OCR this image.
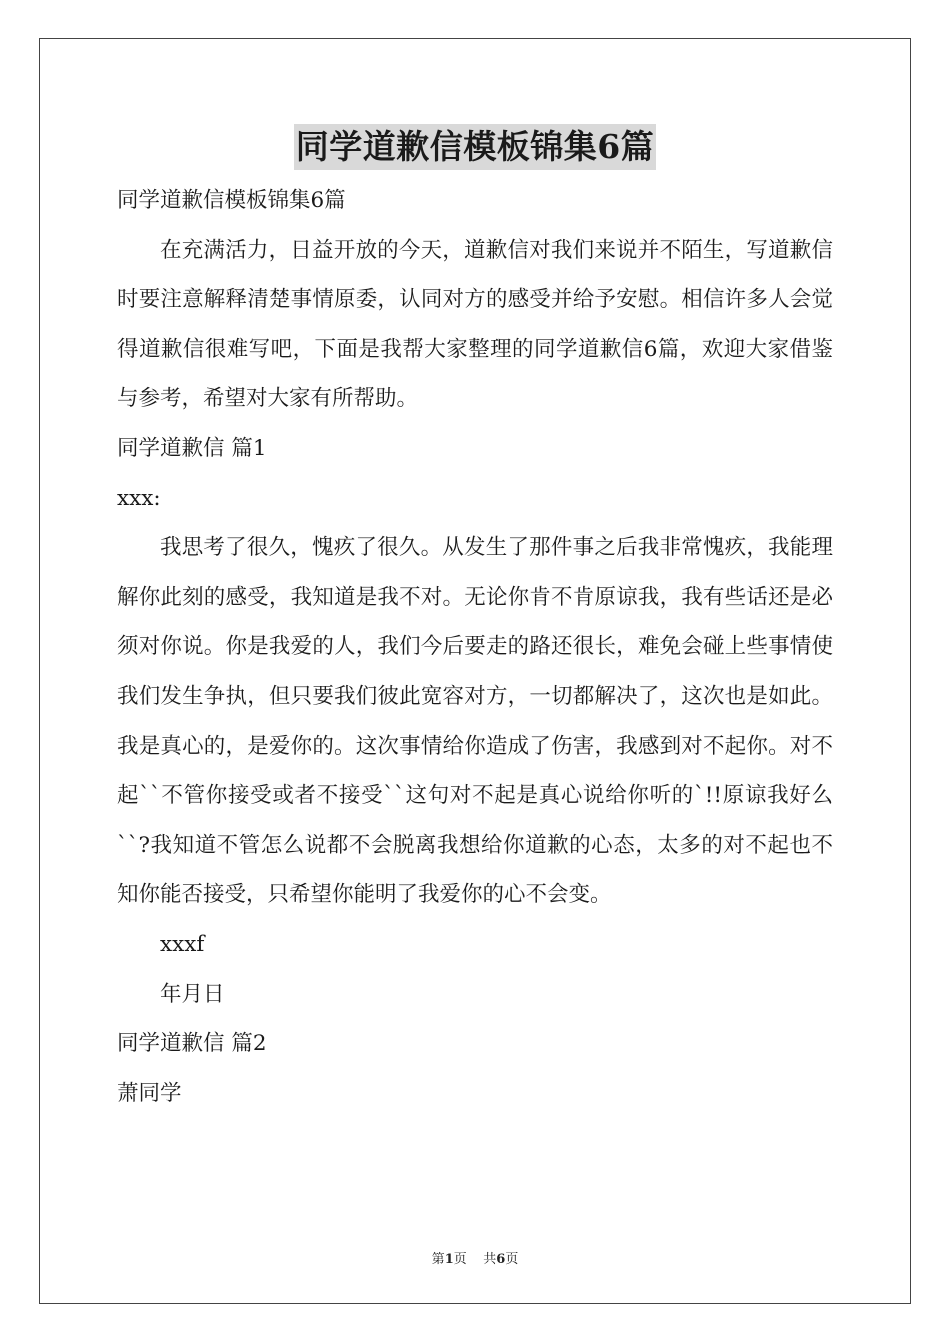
同学道歉信模板锦集6篇

同学道歉信模板锦集6篇

在充满活力，日益开放的今天，道歉信对我们来说并不陌生，写道歉信时要注意解释清楚事情原委，认同对方的感受并给予安慰。相信许多人会觉得道歉信很难写吧，下面是我帮大家整理的同学道歉信6篇，欢迎大家借鉴与参考，希望对大家有所帮助。

同学道歉信 篇1

xxx:

我思考了很久，愧疚了很久。从发生了那件事之后我非常愧疚，我能理解你此刻的感受，我知道是我不对。无论你肯不肯原谅我，我有些话还是必须对你说。你是我爱的人，我们今后要走的路还很长，难免会碰上些事情使我们发生争执，但只要我们彼此宽容对方，一切都解决了，这次也是如此。我是真心的，是爱你的。这次事情给你造成了伤害，我感到对不起你。对不起``不管你接受或者不接受``这句对不起是真心说给你听的`!!原谅我好么``?我知道不管怎么说都不会脱离我想给你道歉的心态，太多的对不起也不知你能否接受，只希望你能明了我爱你的心不会变。

xxxf

年月日

同学道歉信 篇2

萧同学

第1页    共6页
